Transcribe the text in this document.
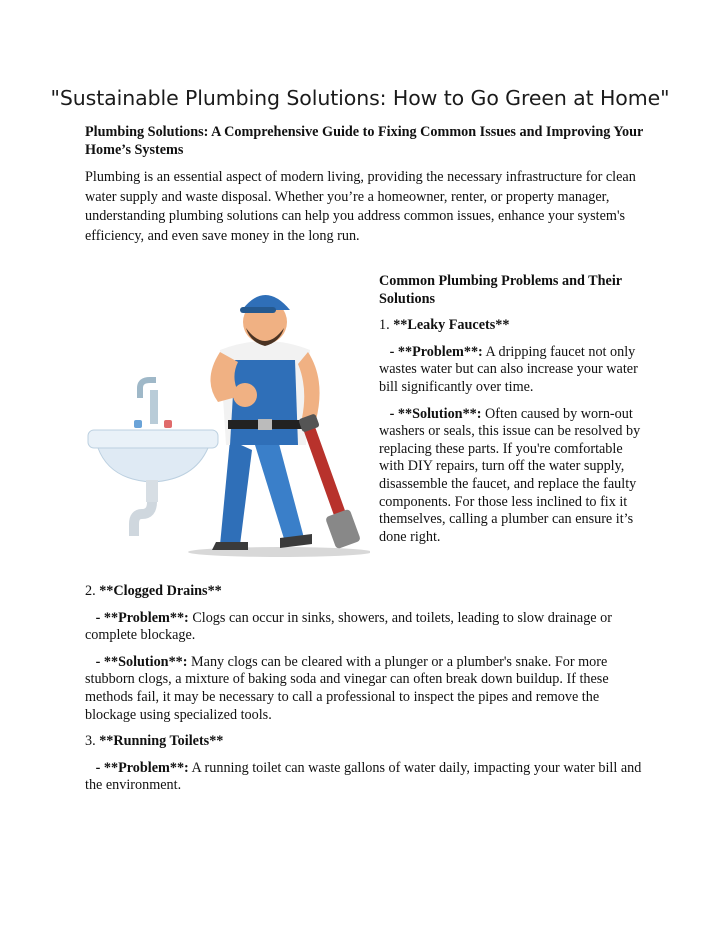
"Sustainable Plumbing Solutions: How to Go Green at Home"
Plumbing Solutions: A Comprehensive Guide to Fixing Common Issues and Improving Your Home’s Systems

Plumbing is an essential aspect of modern living, providing the necessary infrastructure for clean water supply and waste disposal. Whether you’re a homeowner, renter, or property manager, understanding plumbing solutions can help you address common issues, enhance your system's efficiency, and even save money in the long run.

Common Plumbing Problems and Their Solutions

1. **Leaky Faucets**

- **Problem**: A dripping faucet not only wastes water but can also increase your water bill significantly over time.

- **Solution**: Often caused by worn-out washers or seals, this issue can be resolved by replacing these parts. If you're comfortable with DIY repairs, turn off the water supply, disassemble the faucet, and replace the faulty components. For those less inclined to fix it themselves, calling a plumber can ensure it’s done right.

2. **Clogged Drains**

- **Problem**: Clogs can occur in sinks, showers, and toilets, leading to slow drainage or complete blockage.

- **Solution**: Many clogs can be cleared with a plunger or a plumber's snake. For more stubborn clogs, a mixture of baking soda and vinegar can often break down buildup. If these methods fail, it may be necessary to call a professional to inspect the pipes and remove the blockage using specialized tools.

3. **Running Toilets**

- **Problem**: A running toilet can waste gallons of water daily, impacting your water bill and the environment.
